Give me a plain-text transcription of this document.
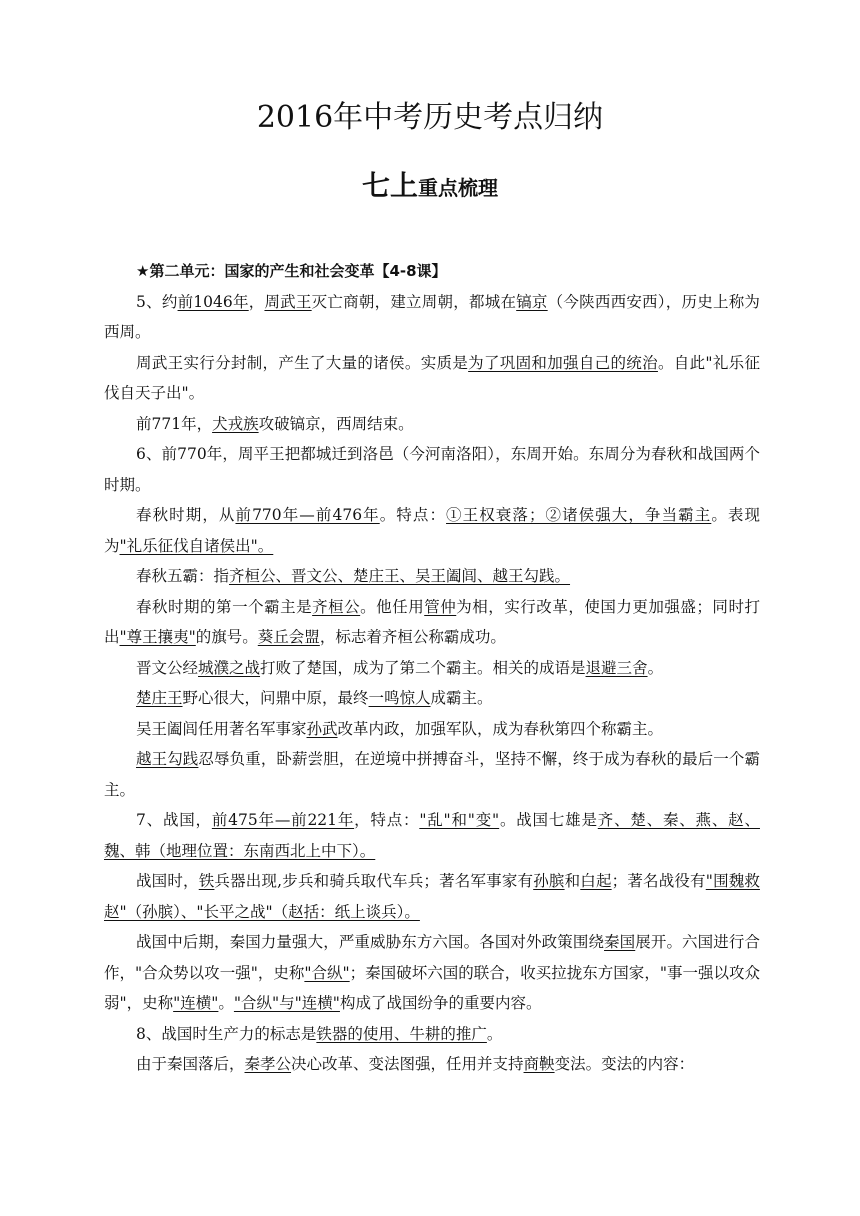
2016年中考历史考点归纳
七上重点梳理

★第二单元：国家的产生和社会变革【4-8课】

5、约前1046年，周武王灭亡商朝，建立周朝，都城在镐京（今陕西西安西），历史上称为西周。

周武王实行分封制，产生了大量的诸侯。实质是为了巩固和加强自己的统治。自此"礼乐征伐自天子出"。

前771年，犬戎族攻破镐京，西周结束。

6、前770年，周平王把都城迁到洛邑（今河南洛阳），东周开始。东周分为春秋和战国两个时期。

春秋时期，从前770年—前476年。特点：①王权衰落；②诸侯强大，争当霸主。表现为"礼乐征伐自诸侯出"。

春秋五霸：指齐桓公、晋文公、楚庄王、吴王阖闾、越王勾践。

春秋时期的第一个霸主是齐桓公。他任用管仲为相，实行改革，使国力更加强盛；同时打出"尊王攘夷"的旗号。葵丘会盟，标志着齐桓公称霸成功。

晋文公经城濮之战打败了楚国，成为了第二个霸主。相关的成语是退避三舍。

楚庄王野心很大，问鼎中原，最终一鸣惊人成霸主。

吴王阖闾任用著名军事家孙武改革内政，加强军队，成为春秋第四个称霸主。

越王勾践忍辱负重，卧薪尝胆，在逆境中拼搏奋斗，坚持不懈，终于成为春秋的最后一个霸主。

7、战国，前475年—前221年，特点："乱"和"变"。战国七雄是齐、楚、秦、燕、赵、魏、韩（地理位置：东南西北上中下）。

战国时，铁兵器出现,步兵和骑兵取代车兵；著名军事家有孙膑和白起；著名战役有"围魏救赵"（孙膑）、"长平之战"（赵括：纸上谈兵）。

战国中后期，秦国力量强大，严重威胁东方六国。各国对外政策围绕秦国展开。六国进行合作，"合众势以攻一强"，史称"合纵"；秦国破坏六国的联合，收买拉拢东方国家，"事一强以攻众弱"，史称"连横"。"合纵"与"连横"构成了战国纷争的重要内容。

8、战国时生产力的标志是铁器的使用、牛耕的推广。

由于秦国落后，秦孝公决心改革、变法图强，任用并支持商鞅变法。变法的内容：
